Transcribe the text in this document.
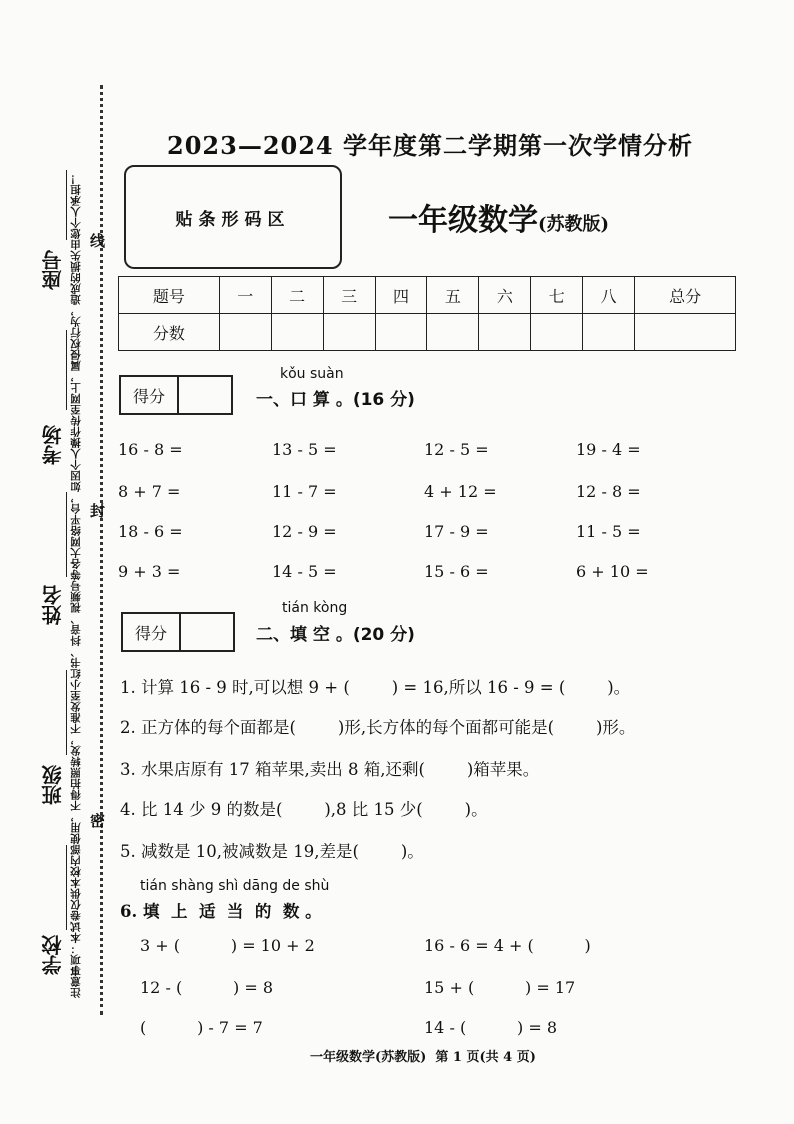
注意事项：本试卷仅供本校内部使用，不得拍照转发，不准发至小红书、抖音、视频号等各大网络平台，如因个人操作传至网上，属侵权行为，造成的损失由您个人承担！
座号
考场
姓名
班级
学校
线
封
密
2023—2024 学年度第二学期第一次学情分析
贴条形码区	一年级数学(苏教版)
题号	一	二	三	四	五	六	七	八	总分
分数									
得分
kǒu suàn
一、口 算 。(16 分)
16 - 8 =	13 - 5 =	12 - 5 =	19 - 4 =
8 + 7 =	11 - 7 =	4 + 12 =	12 - 8 =
18 - 6 =	12 - 9 =	17 - 9 =	11 - 5 =
9 + 3 =	14 - 5 =	15 - 6 =	6 + 10 =
得分
tián kòng
二、填 空 。(20 分)
1. 计算 16 - 9 时,可以想 9 + (        ) = 16,所以 16 - 9 = (        )。
2. 正方体的每个面都是(        )形,长方体的每个面都可能是(        )形。
3. 水果店原有 17 箱苹果,卖出 8 箱,还剩(        )箱苹果。
4. 比 14 少 9 的数是(        ),8 比 15 少(        )。
5. 减数是 10,被减数是 19,差是(        )。
tián shàng shì dāng de shù
6. 填  上  适  当  的  数 。
3 + (          ) = 10 + 2	16 - 6 = 4 + (          )
12 - (          ) = 8	15 + (          ) = 17
(          ) - 7 = 7	14 - (          ) = 8
一年级数学(苏教版)  第 1 页(共 4 页)
